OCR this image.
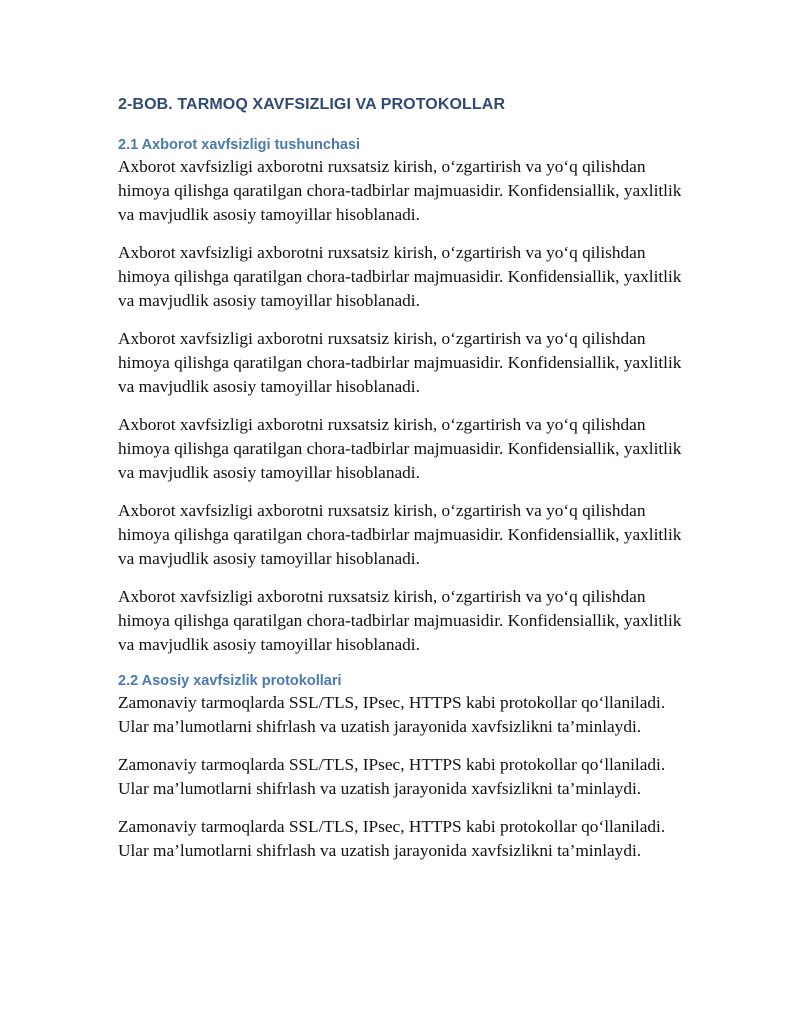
2-BOB. TARMOQ XAVFSIZLIGI VA PROTOKOLLAR
2.1 Axborot xavfsizligi tushunchasi

Axborot xavfsizligi axborotni ruxsatsiz kirish, o‘zgartirish va yo‘q qilishdan himoya qilishga qaratilgan chora-tadbirlar majmuasidir. Konfidensiallik, yaxlitlik va mavjudlik asosiy tamoyillar hisoblanadi.

Axborot xavfsizligi axborotni ruxsatsiz kirish, o‘zgartirish va yo‘q qilishdan himoya qilishga qaratilgan chora-tadbirlar majmuasidir. Konfidensiallik, yaxlitlik va mavjudlik asosiy tamoyillar hisoblanadi.

Axborot xavfsizligi axborotni ruxsatsiz kirish, o‘zgartirish va yo‘q qilishdan himoya qilishga qaratilgan chora-tadbirlar majmuasidir. Konfidensiallik, yaxlitlik va mavjudlik asosiy tamoyillar hisoblanadi.

Axborot xavfsizligi axborotni ruxsatsiz kirish, o‘zgartirish va yo‘q qilishdan himoya qilishga qaratilgan chora-tadbirlar majmuasidir. Konfidensiallik, yaxlitlik va mavjudlik asosiy tamoyillar hisoblanadi.

Axborot xavfsizligi axborotni ruxsatsiz kirish, o‘zgartirish va yo‘q qilishdan himoya qilishga qaratilgan chora-tadbirlar majmuasidir. Konfidensiallik, yaxlitlik va mavjudlik asosiy tamoyillar hisoblanadi.

Axborot xavfsizligi axborotni ruxsatsiz kirish, o‘zgartirish va yo‘q qilishdan himoya qilishga qaratilgan chora-tadbirlar majmuasidir. Konfidensiallik, yaxlitlik va mavjudlik asosiy tamoyillar hisoblanadi.

2.2 Asosiy xavfsizlik protokollari

Zamonaviy tarmoqlarda SSL/TLS, IPsec, HTTPS kabi protokollar qo‘llaniladi. Ular ma’lumotlarni shifrlash va uzatish jarayonida xavfsizlikni ta’minlaydi.

Zamonaviy tarmoqlarda SSL/TLS, IPsec, HTTPS kabi protokollar qo‘llaniladi. Ular ma’lumotlarni shifrlash va uzatish jarayonida xavfsizlikni ta’minlaydi.

Zamonaviy tarmoqlarda SSL/TLS, IPsec, HTTPS kabi protokollar qo‘llaniladi. Ular ma’lumotlarni shifrlash va uzatish jarayonida xavfsizlikni ta’minlaydi.
